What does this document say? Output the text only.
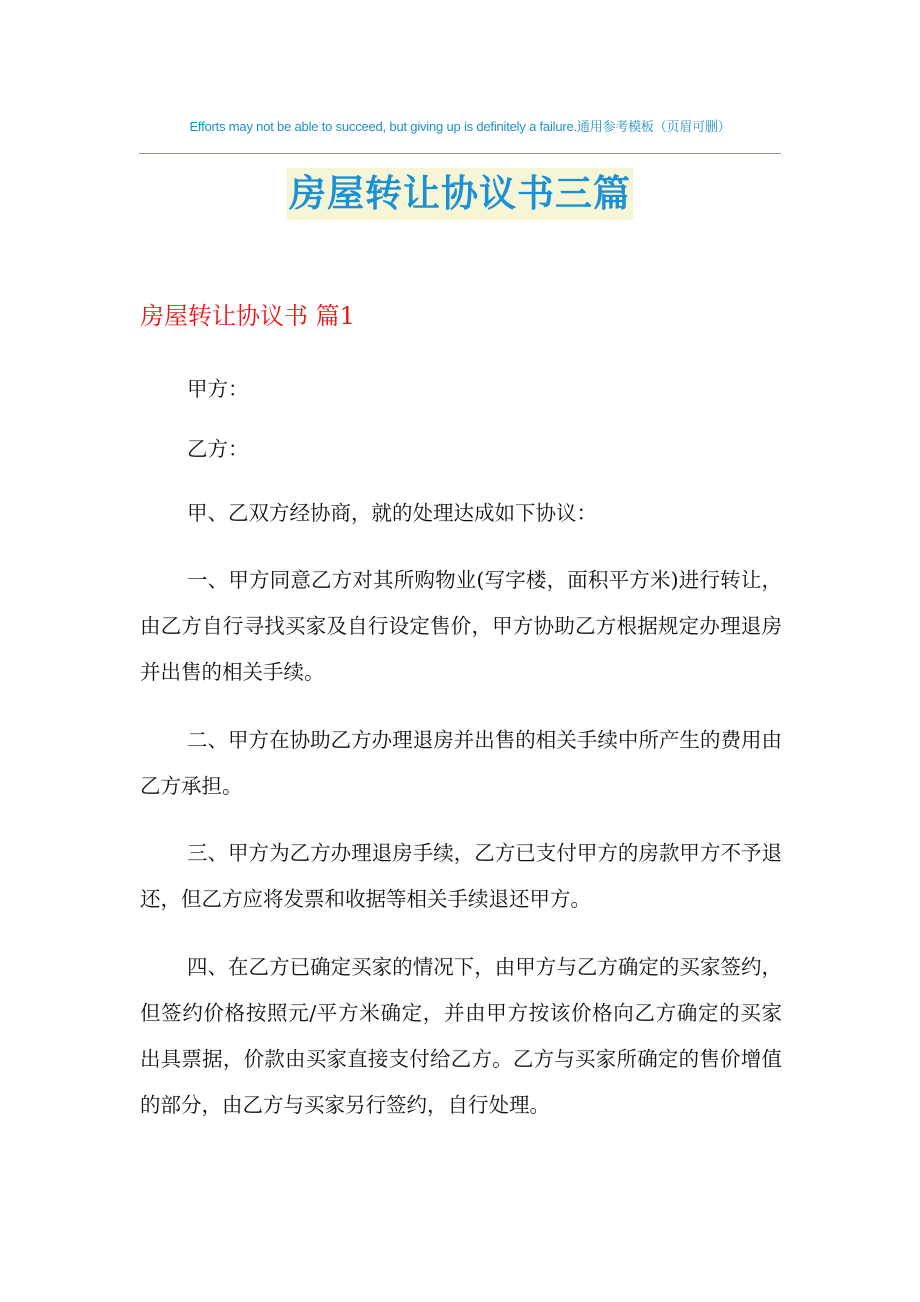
Efforts may not be able to succeed, but giving up is definitely a failure.通用参考模板（页眉可删）
房屋转让协议书三篇
房屋转让协议书 篇1
甲方：
乙方：
甲、乙双方经协商，就的处理达成如下协议：
一、甲方同意乙方对其所购物业(写字楼，面积平方米)进行转让，由乙方自行寻找买家及自行设定售价，甲方协助乙方根据规定办理退房并出售的相关手续。
二、甲方在协助乙方办理退房并出售的相关手续中所产生的费用由乙方承担。
三、甲方为乙方办理退房手续，乙方已支付甲方的房款甲方不予退还，但乙方应将发票和收据等相关手续退还甲方。
四、在乙方已确定买家的情况下，由甲方与乙方确定的买家签约，但签约价格按照元/平方米确定，并由甲方按该价格向乙方确定的买家出具票据，价款由买家直接支付给乙方。乙方与买家所确定的售价增值的部分，由乙方与买家另行签约，自行处理。
